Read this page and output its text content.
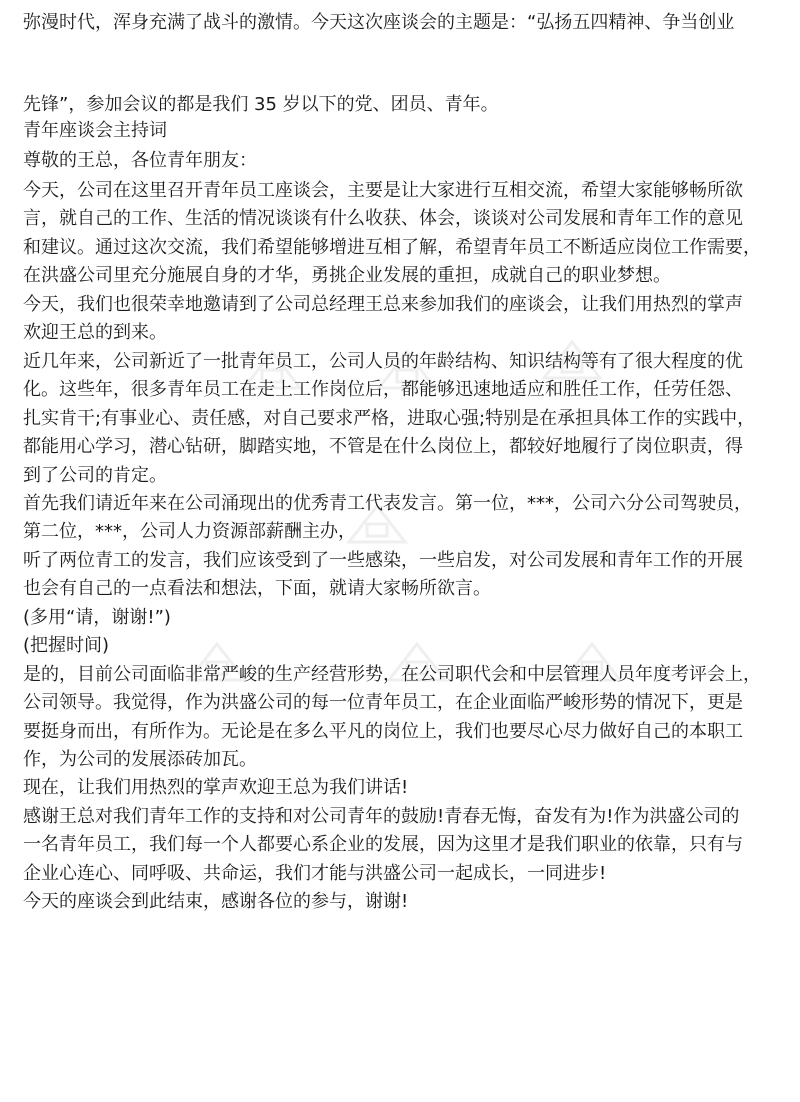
弥漫时代，浑身充满了战斗的激情。今天这次座谈会的主题是：“弘扬五四精神、争当创业
先锋”，参加会议的都是我们 35 岁以下的党、团员、青年。
青年座谈会主持词
尊敬的王总，各位青年朋友：
今天，公司在这里召开青年员工座谈会，主要是让大家进行互相交流，希望大家能够畅所欲
言，就自己的工作、生活的情况谈谈有什么收获、体会，谈谈对公司发展和青年工作的意见
和建议。通过这次交流，我们希望能够增进互相了解，希望青年员工不断适应岗位工作需要，
在洪盛公司里充分施展自身的才华，勇挑企业发展的重担，成就自己的职业梦想。
今天，我们也很荣幸地邀请到了公司总经理王总来参加我们的座谈会，让我们用热烈的掌声
欢迎王总的到来。
近几年来，公司新近了一批青年员工，公司人员的年龄结构、知识结构等有了很大程度的优
化。这些年，很多青年员工在走上工作岗位后，都能够迅速地适应和胜任工作，任劳任怨、
扎实肯干;有事业心、责任感，对自己要求严格，进取心强;特别是在承担具体工作的实践中，
都能用心学习，潜心钻研，脚踏实地，不管是在什么岗位上，都较好地履行了岗位职责，得
到了公司的肯定。
首先我们请近年来在公司涌现出的优秀青工代表发言。第一位，***，公司六分公司驾驶员，
第二位，***，公司人力资源部薪酬主办，
听了两位青工的发言，我们应该受到了一些感染，一些启发，对公司发展和青年工作的开展
也会有自己的一点看法和想法，下面，就请大家畅所欲言。
(多用“请，谢谢!”)
(把握时间)
是的，目前公司面临非常严峻的生产经营形势，在公司职代会和中层管理人员年度考评会上，
公司领导。我觉得，作为洪盛公司的每一位青年员工，在企业面临严峻形势的情况下，更是
要挺身而出，有所作为。无论是在多么平凡的岗位上，我们也要尽心尽力做好自己的本职工
作，为公司的发展添砖加瓦。
现在，让我们用热烈的掌声欢迎王总为我们讲话!
感谢王总对我们青年工作的支持和对公司青年的鼓励!青春无悔，奋发有为!作为洪盛公司的
一名青年员工，我们每一个人都要心系企业的发展，因为这里才是我们职业的依靠，只有与
企业心连心、同呼吸、共命运，我们才能与洪盛公司一起成长，一同进步!
今天的座谈会到此结束，感谢各位的参与，谢谢!
